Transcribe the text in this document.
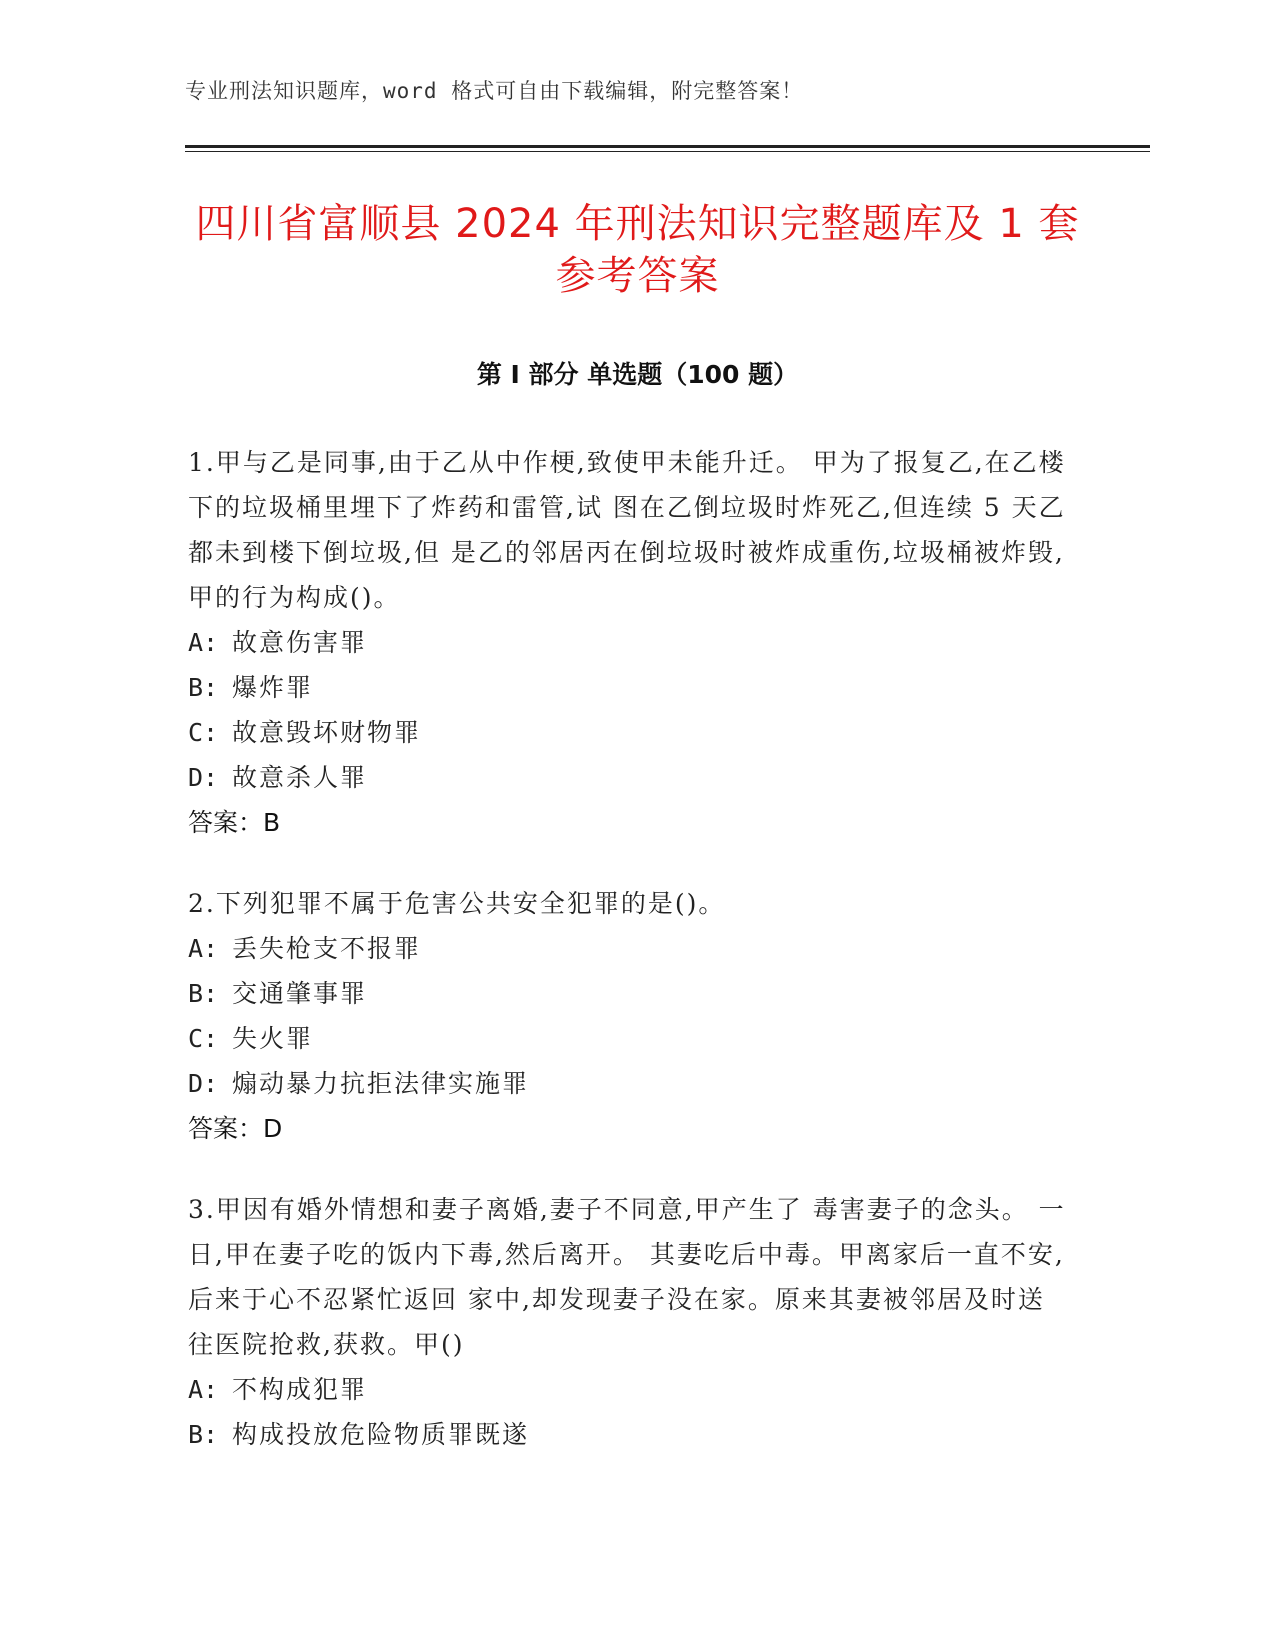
专业刑法知识题库，word 格式可自由下载编辑，附完整答案！
四川省富顺县 2024 年刑法知识完整题库及 1 套参考答案
第 I 部分 单选题（100 题）

1.甲与乙是同事,由于乙从中作梗,致使甲未能升迁。 甲为了报复乙,在乙楼下的垃圾桶里埋下了炸药和雷管,试 图在乙倒垃圾时炸死乙,但连续 5 天乙都未到楼下倒垃圾,但 是乙的邻居丙在倒垃圾时被炸成重伤,垃圾桶被炸毁,甲的行为构成()。

A: 故意伤害罪

B: 爆炸罪

C: 故意毁坏财物罪

D: 故意杀人罪

答案：B

2.下列犯罪不属于危害公共安全犯罪的是()。

A: 丢失枪支不报罪

B: 交通肇事罪

C: 失火罪

D: 煽动暴力抗拒法律实施罪

答案：D

3.甲因有婚外情想和妻子离婚,妻子不同意,甲产生了 毒害妻子的念头。 一 日,甲在妻子吃的饭内下毒,然后离开。 其妻吃后中毒。甲离家后一直不安,后来于心不忍紧忙返回 家中,却发现妻子没在家。原来其妻被邻居及时送往医院抢救,获救。甲()

A: 不构成犯罪

B: 构成投放危险物质罪既遂
